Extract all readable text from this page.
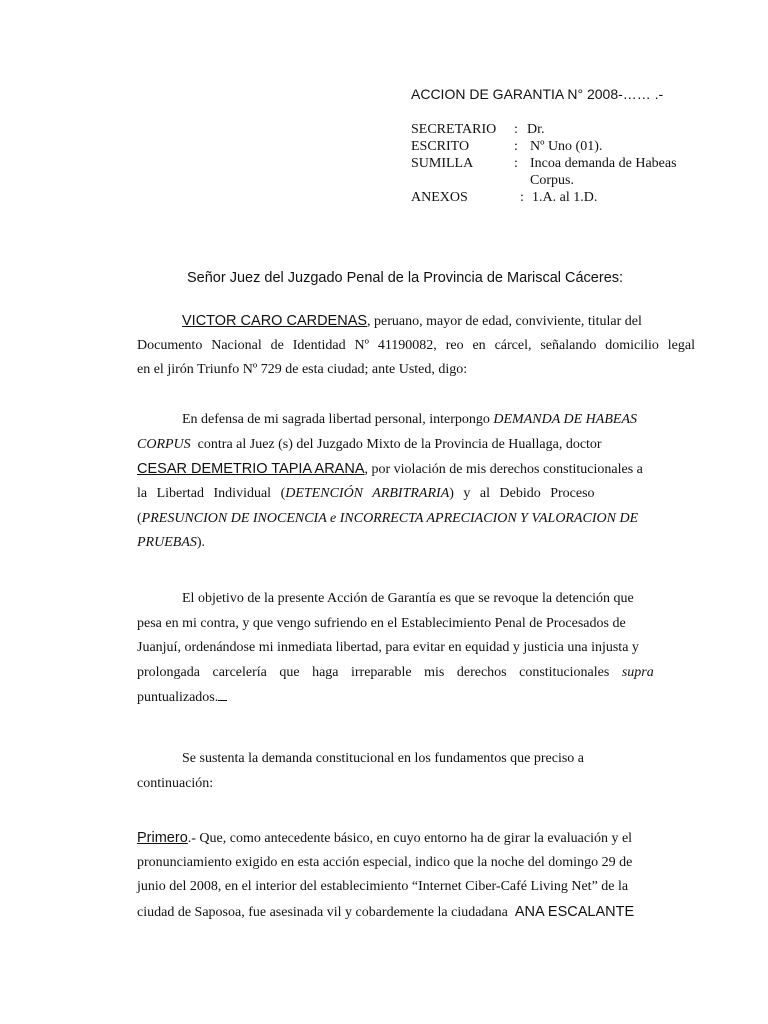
ACCION DE GARANTIA N° 2008-…… .-
SECRETARIO : Dr.
ESCRITO	: Nº Uno (01).
SUMILLA	: Incoa demanda de Habeas
Corpus.
ANEXOS	: 1.A. al 1.D.
Señor Juez del Juzgado Penal de la Provincia de Mariscal Cáceres:
VICTOR CARO CARDENAS, peruano, mayor de edad, conviviente, titular del
Documento Nacional de Identidad Nº 41190082, reo en cárcel, señalando domicilio legal
en el jirón Triunfo Nº 729 de esta ciudad; ante Usted, digo:
En defensa de mi sagrada libertad personal, interpongo DEMANDA DE HABEAS
CORPUS contra al Juez (s) del Juzgado Mixto de la Provincia de Huallaga, doctor
CESAR DEMETRIO TAPIA ARANA, por violación de mis derechos constitucionales a
la Libertad Individual (DETENCIÓN ARBITRARIA) y al Debido Proceso
(PRESUNCION DE INOCENCIA e INCORRECTA APRECIACION Y VALORACION DE
PRUEBAS).
El objetivo de la presente Acción de Garantía es que se revoque la detención que
pesa en mi contra, y que vengo sufriendo en el Establecimiento Penal de Procesados de
Juanjuí, ordenándose mi inmediata libertad, para evitar en equidad y justicia una injusta y
prolongada carcelería que haga irreparable mis derechos constitucionales supra
puntualizados.
Se sustenta la demanda constitucional en los fundamentos que preciso a
continuación:
Primero.- Que, como antecedente básico, en cuyo entorno ha de girar la evaluación y el
pronunciamiento exigido en esta acción especial, indico que la noche del domingo 29 de
junio del 2008, en el interior del establecimiento “Internet Ciber-Café Living Net” de la
ciudad de Saposoa, fue asesinada vil y cobardemente la ciudadana ANA ESCALANTE
